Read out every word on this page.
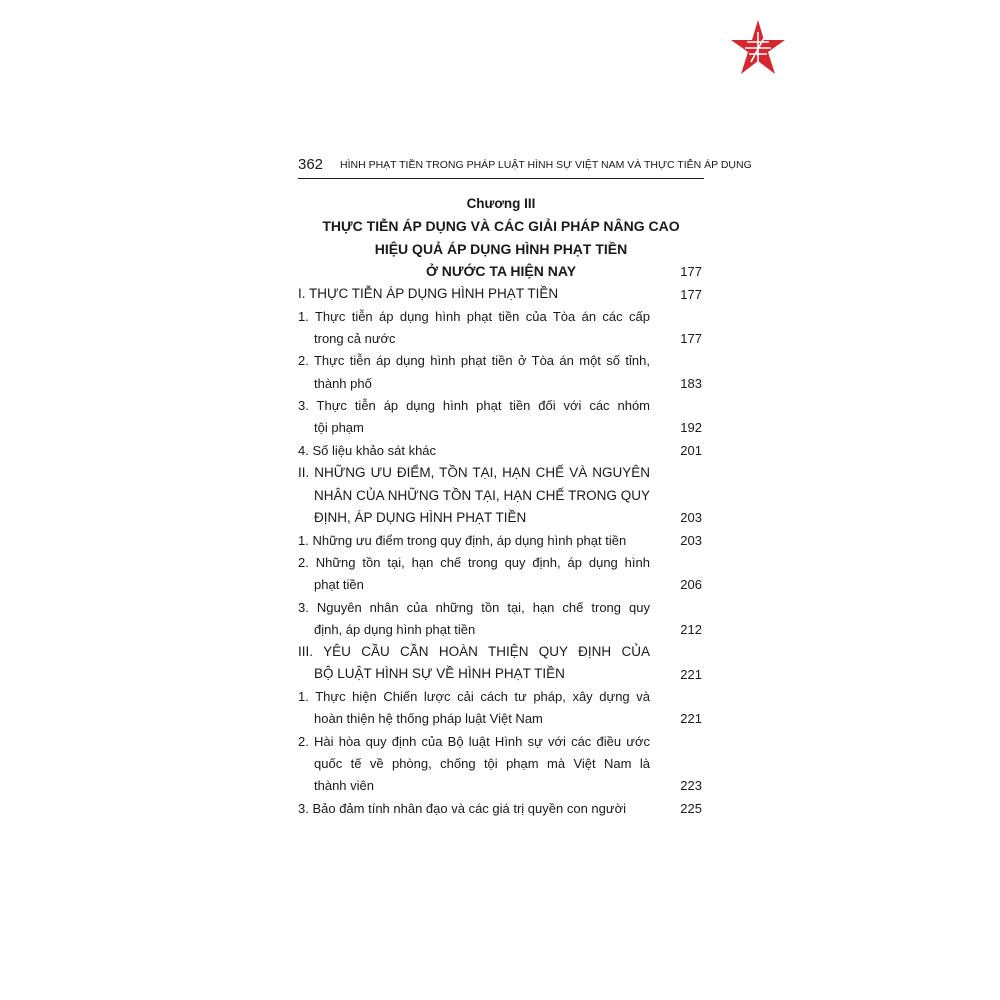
362 HÌNH PHẠT TIỀN TRONG PHÁP LUẬT HÌNH SỰ VIỆT NAM VÀ THỰC TIỄN ÁP DỤNG
Chương III
THỰC TIỄN ÁP DỤNG VÀ CÁC GIẢI PHÁP NÂNG CAO
HIỆU QUẢ ÁP DỤNG HÌNH PHẠT TIỀN
Ở NƯỚC TA HIỆN NAY	177
I. THỰC TIỄN ÁP DỤNG HÌNH PHẠT TIỀN	177
1. Thực tiễn áp dụng hình phạt tiền của Tòa án các cấp
trong cả nước	177
2. Thực tiễn áp dụng hình phạt tiền ở Tòa án một số tỉnh,
thành phố	183
3. Thực tiễn áp dụng hình phạt tiền đối với các nhóm
tội phạm	192
4. Số liệu khảo sát khác	201
II. NHỮNG ƯU ĐIỂM, TỒN TẠI, HẠN CHẾ VÀ NGUYÊN
NHÂN CỦA NHỮNG TỒN TẠI, HẠN CHẾ TRONG QUY
ĐỊNH, ÁP DỤNG HÌNH PHẠT TIỀN	203
1. Những ưu điểm trong quy định, áp dụng hình phạt tiền	203
2. Những tồn tại, hạn chế trong quy định, áp dụng hình
phạt tiền	206
3. Nguyên nhân của những tồn tại, hạn chế trong quy
định, áp dụng hình phạt tiền	212
III. YÊU CẦU CẦN HOÀN THIỆN QUY ĐỊNH CỦA
BỘ LUẬT HÌNH SỰ VỀ HÌNH PHẠT TIỀN	221
1. Thực hiện Chiến lược cải cách tư pháp, xây dựng và
hoàn thiện hệ thống pháp luật Việt Nam	221
2. Hài hòa quy định của Bộ luật Hình sự với các điều ước
quốc tế về phòng, chống tội phạm mà Việt Nam là
thành viên	223
3. Bảo đảm tính nhân đạo và các giá trị quyền con người	225
